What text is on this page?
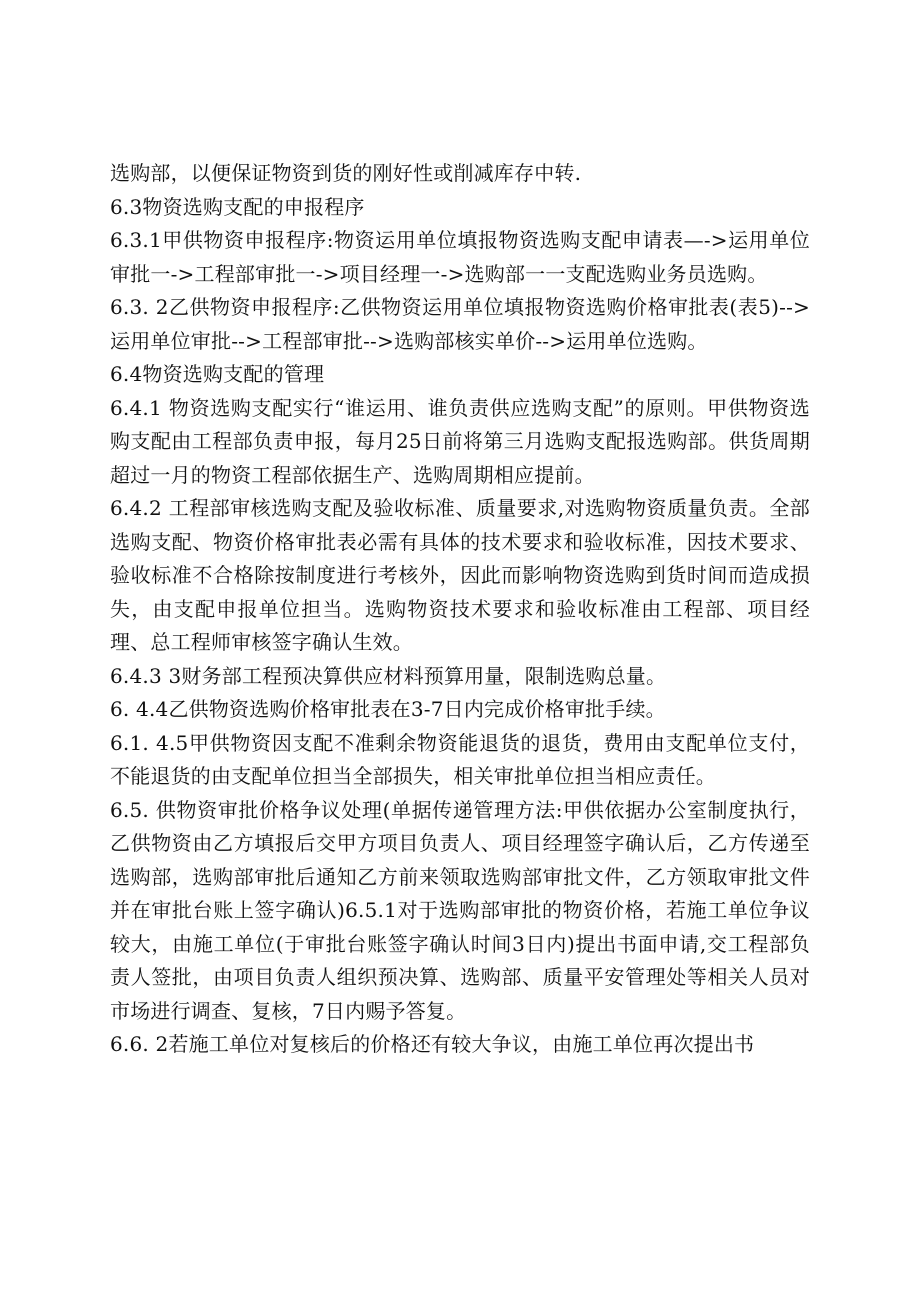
选购部，以便保证物资到货的刚好性或削减库存中转.

6.3物资选购支配的申报程序

6.3.1甲供物资申报程序:物资运用单位填报物资选购支配申请表—->运用单位审批一->工程部审批一->项目经理一->选购部一一支配选购业务员选购。

6.3. 2乙供物资申报程序:乙供物资运用单位填报物资选购价格审批表(表5)-->运用单位审批-->工程部审批-->选购部核实单价-->运用单位选购。

6.4物资选购支配的管理

6.4.1 物资选购支配实行“谁运用、谁负责供应选购支配”的原则。甲供物资选购支配由工程部负责申报，每月25日前将第三月选购支配报选购部。供货周期超过一月的物资工程部依据生产、选购周期相应提前。

6.4.2 工程部审核选购支配及验收标准、质量要求,对选购物资质量负责。全部选购支配、物资价格审批表必需有具体的技术要求和验收标准，因技术要求、验收标准不合格除按制度进行考核外，因此而影响物资选购到货时间而造成损失，由支配申报单位担当。选购物资技术要求和验收标准由工程部、项目经理、总工程师审核签字确认生效。

6.4.3 3财务部工程预决算供应材料预算用量，限制选购总量。

6. 4.4乙供物资选购价格审批表在3-7日内完成价格审批手续。

6.1. 4.5甲供物资因支配不准剩余物资能退货的退货，费用由支配单位支付，不能退货的由支配单位担当全部损失，相关审批单位担当相应责任。

6.5. 供物资审批价格争议处理(单据传递管理方法:甲供依据办公室制度执行，乙供物资由乙方填报后交甲方项目负责人、项目经理签字确认后，乙方传递至选购部，选购部审批后通知乙方前来领取选购部审批文件，乙方领取审批文件并在审批台账上签字确认)6.5.1对于选购部审批的物资价格，若施工单位争议较大，由施工单位(于审批台账签字确认时间3日内)提出书面申请,交工程部负责人签批，由项目负责人组织预决算、选购部、质量平安管理处等相关人员对市场进行调查、复核，7日内赐予答复。

6.6. 2若施工单位对复核后的价格还有较大争议，由施工单位再次提出书
